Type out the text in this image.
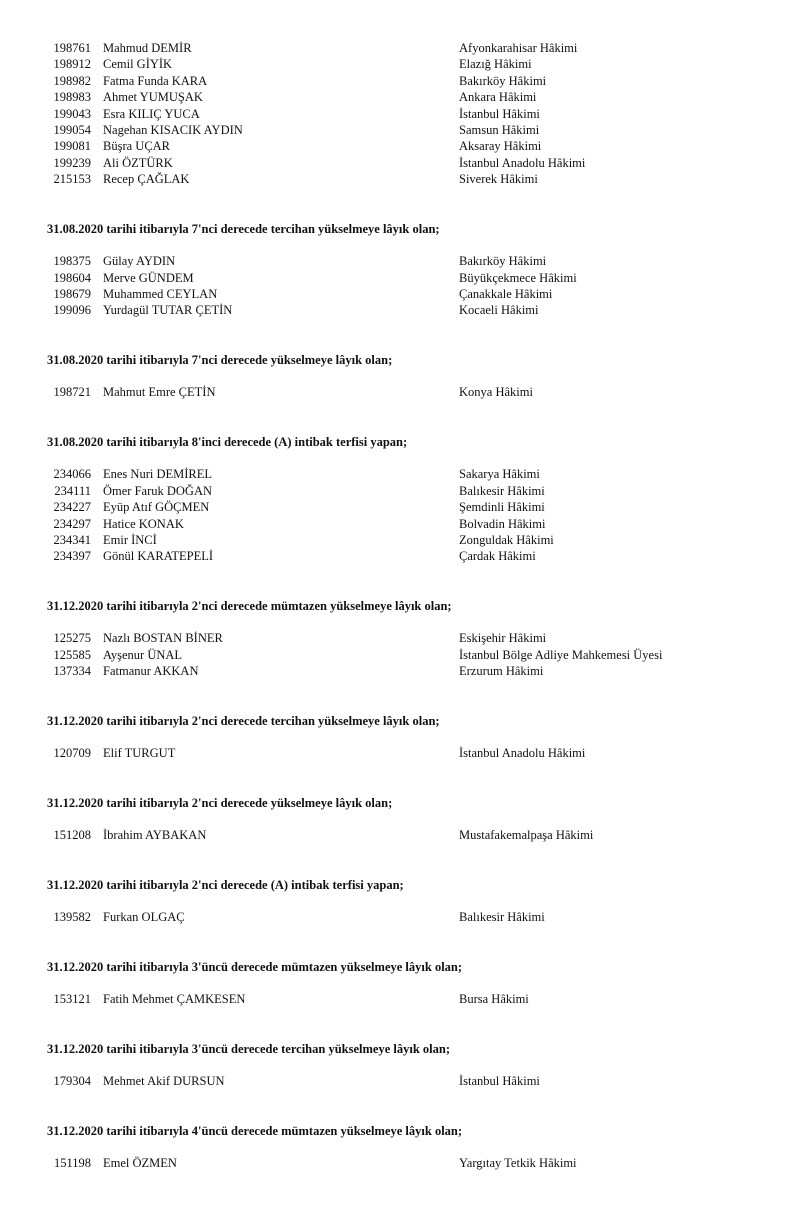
198761 Mahmud DEMİR	Afyonkarahisar Hâkimi
198912 Cemil GİYİK	Elazığ Hâkimi
198982 Fatma Funda KARA	Bakırköy Hâkimi
198983 Ahmet YUMUŞAK	Ankara Hâkimi
199043 Esra KILIÇ YUCA	İstanbul Hâkimi
199054 Nagehan KISACIK AYDIN	Samsun Hâkimi
199081 Büşra UÇAR	Aksaray Hâkimi
199239 Ali ÖZTÜRK	İstanbul Anadolu Hâkimi
215153 Recep ÇAĞLAK	Siverek Hâkimi
31.08.2020 tarihi itibarıyla 7'nci derecede tercihan yükselmeye lâyık olan;
198375 Gülay AYDIN	Bakırköy Hâkimi
198604 Merve GÜNDEM	Büyükçekmece Hâkimi
198679 Muhammed CEYLAN	Çanakkale Hâkimi
199096 Yurdagül TUTAR ÇETİN	Kocaeli Hâkimi
31.08.2020 tarihi itibarıyla 7'nci derecede yükselmeye lâyık olan;
198721 Mahmut Emre ÇETİN	Konya Hâkimi
31.08.2020 tarihi itibarıyla 8'inci derecede (A) intibak terfisi yapan;
234066 Enes Nuri DEMİREL	Sakarya Hâkimi
234111 Ömer Faruk DOĞAN	Balıkesir Hâkimi
234227 Eyüp Atıf GÖÇMEN	Şemdinli Hâkimi
234297 Hatice KONAK	Bolvadin Hâkimi
234341 Emir İNCİ	Zonguldak Hâkimi
234397 Gönül KARATEPELİ	Çardak Hâkimi
31.12.2020 tarihi itibarıyla 2'nci derecede mümtazen yükselmeye lâyık olan;
125275 Nazlı BOSTAN BİNER	Eskişehir Hâkimi
125585 Ayşenur ÜNAL	İstanbul Bölge Adliye Mahkemesi Üyesi
137334 Fatmanur AKKAN	Erzurum Hâkimi
31.12.2020 tarihi itibarıyla 2'nci derecede tercihan yükselmeye lâyık olan;
120709 Elif TURGUT	İstanbul Anadolu Hâkimi
31.12.2020 tarihi itibarıyla 2'nci derecede yükselmeye lâyık olan;
151208 İbrahim AYBAKAN	Mustafakemalpaşa Hâkimi
31.12.2020 tarihi itibarıyla 2'nci derecede (A) intibak terfisi yapan;
139582 Furkan OLGAÇ	Balıkesir Hâkimi
31.12.2020 tarihi itibarıyla 3'üncü derecede mümtazen yükselmeye lâyık olan;
153121 Fatih Mehmet ÇAMKESEN	Bursa Hâkimi
31.12.2020 tarihi itibarıyla 3'üncü derecede tercihan yükselmeye lâyık olan;
179304 Mehmet Akif DURSUN	İstanbul Hâkimi
31.12.2020 tarihi itibarıyla 4'üncü derecede mümtazen yükselmeye lâyık olan;
151198 Emel ÖZMEN	Yargıtay Tetkik Hâkimi
